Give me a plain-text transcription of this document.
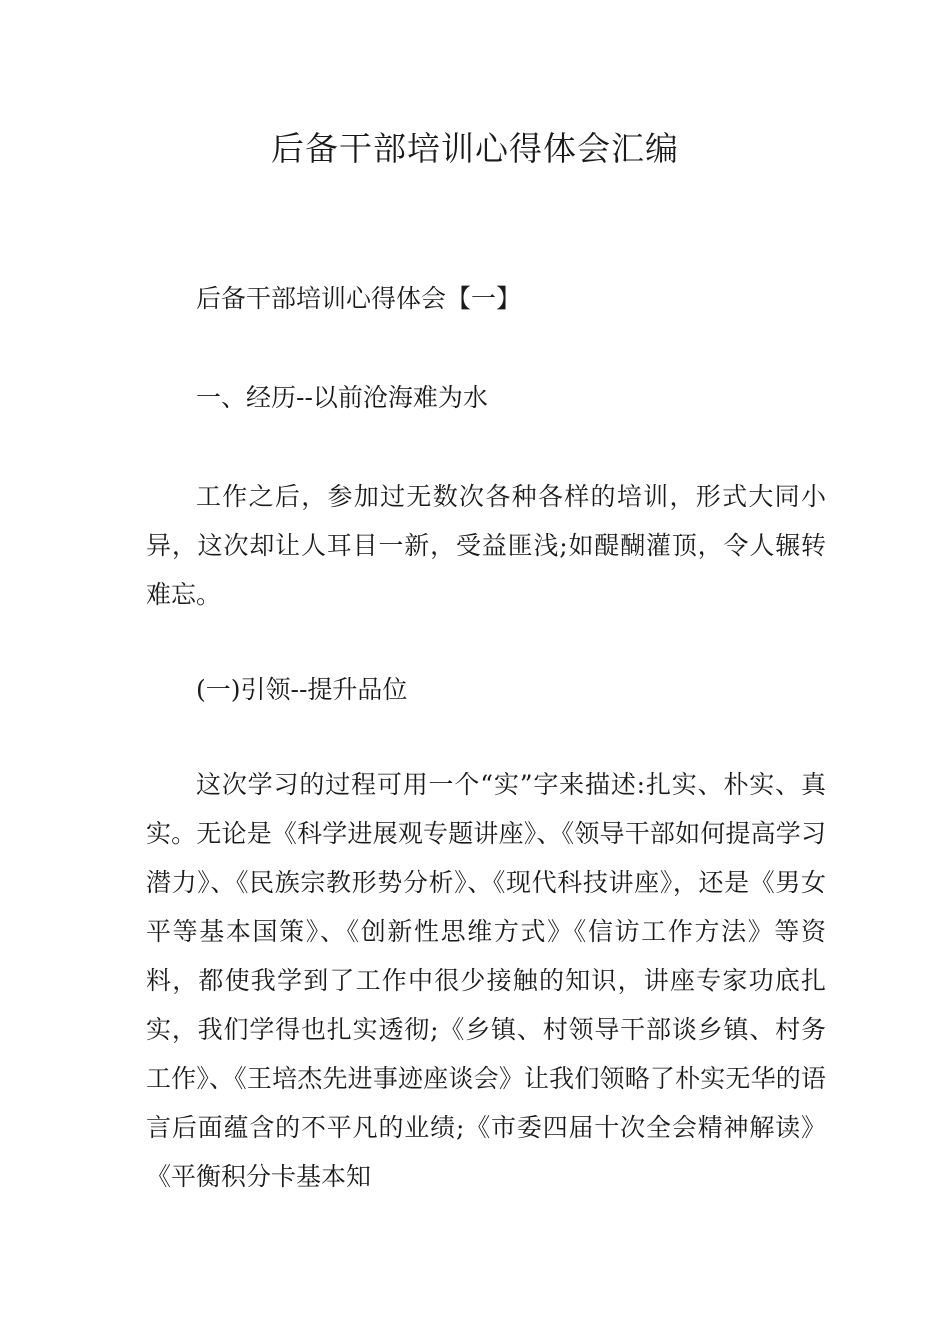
后备干部培训心得体会汇编

后备干部培训心得体会【一】

一、经历--以前沧海难为水

工作之后，参加过无数次各种各样的培训，形式大同小异，这次却让人耳目一新，受益匪浅;如醍醐灌顶，令人辗转难忘。

(一)引领--提升品位

这次学习的过程可用一个“实”字来描述:扎实、朴实、真实。无论是《科学进展观专题讲座》、《领导干部如何提高学习潜力》、《民族宗教形势分析》、《现代科技讲座》，还是《男女平等基本国策》、《创新性思维方式》《信访工作方法》等资料，都使我学到了工作中很少接触的知识，讲座专家功底扎实，我们学得也扎实透彻;《乡镇、村领导干部谈乡镇、村务工作》、《王培杰先进事迹座谈会》让我们领略了朴实无华的语言后面蕴含的不平凡的业绩;《市委四届十次全会精神解读》《平衡积分卡基本知
